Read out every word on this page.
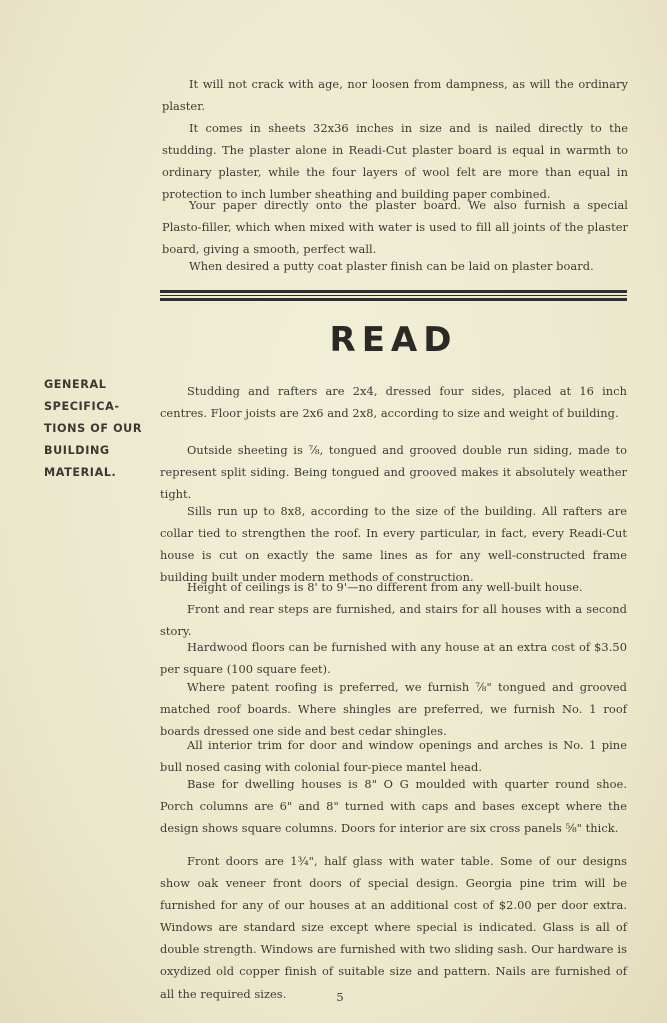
It will not crack with age, nor loosen from dampness, as will the ordinary plaster.

It comes in sheets 32x36 inches in size and is nailed directly to the studding. The plaster alone in Readi-Cut plaster board is equal in warmth to ordinary plaster, while the four layers of wool felt are more than equal in protection to inch lumber sheathing and building paper combined.

Your paper directly onto the plaster board. We also furnish a special Plasto-filler, which when mixed with water is used to fill all joints of the plaster board, giving a smooth, perfect wall.

When desired a putty coat plaster finish can be laid on plaster board.

READ
GENERAL
SPECIFICA-
TIONS OF OUR
BUILDING
MATERIAL.

Studding and rafters are 2x4, dressed four sides, placed at 16 inch centres. Floor joists are 2x6 and 2x8, according to size and weight of building.

Outside sheeting is ⅞, tongued and grooved double run siding, made to represent split siding. Being tongued and grooved makes it absolutely weather tight.

Sills run up to 8x8, according to the size of the building. All rafters are collar tied to strengthen the roof. In every particular, in fact, every Readi-Cut house is cut on exactly the same lines as for any well-constructed frame building built under modern methods of construction.

Height of ceilings is 8' to 9'—no different from any well-built house.

Front and rear steps are furnished, and stairs for all houses with a second story.

Hardwood floors can be furnished with any house at an extra cost of $3.50 per square (100 square feet).

Where patent roofing is preferred, we furnish ⅞" tongued and grooved matched roof boards. Where shingles are preferred, we furnish No. 1 roof boards dressed one side and best cedar shingles.

All interior trim for door and window openings and arches is No. 1 pine bull nosed casing with colonial four-piece mantel head.

Base for dwelling houses is 8" O G moulded with quarter round shoe. Porch columns are 6" and 8" turned with caps and bases except where the design shows square columns. Doors for interior are six cross panels ⅝" thick.

Front doors are 1¾", half glass with water table. Some of our designs show oak veneer front doors of special design. Georgia pine trim will be furnished for any of our houses at an additional cost of $2.00 per door extra. Windows are standard size except where special is indicated. Glass is all of double strength. Windows are furnished with two sliding sash. Our hardware is oxydized old copper finish of suitable size and pattern. Nails are furnished of all the required sizes.	5
